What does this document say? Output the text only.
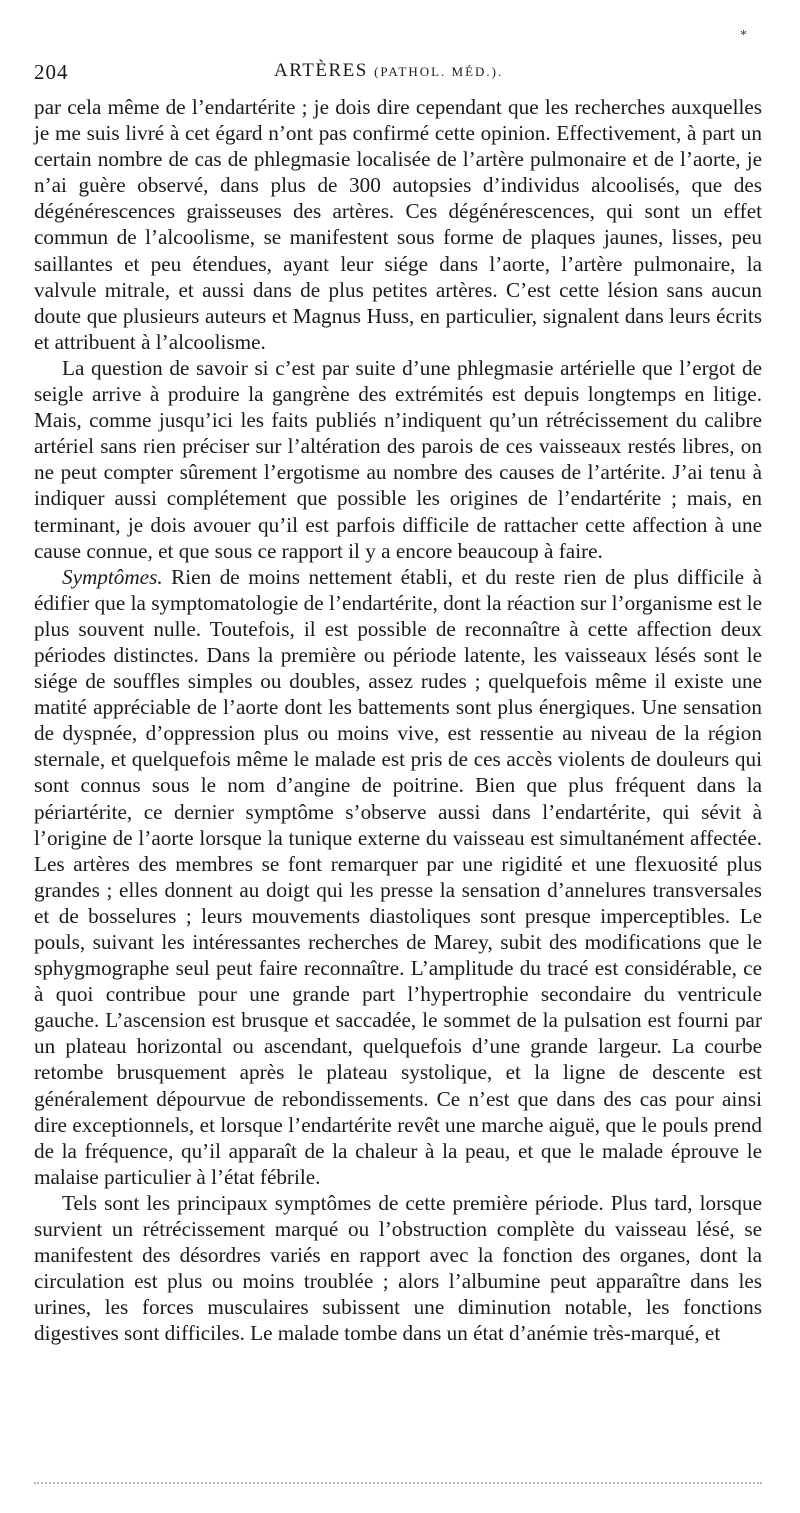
*
204	ARTÈRES (PATHOL. MÉD.).

par cela même de l’endartérite ; je dois dire cependant que les recherches auxquelles je me suis livré à cet égard n’ont pas confirmé cette opinion. Effectivement, à part un certain nombre de cas de phlegmasie localisée de l’artère pulmonaire et de l’aorte, je n’ai guère observé, dans plus de 300 autopsies d’individus alcoolisés, que des dégénérescences graisseuses des artères. Ces dégénérescences, qui sont un effet commun de l’alcoolisme, se manifestent sous forme de plaques jaunes, lisses, peu saillantes et peu étendues, ayant leur siége dans l’aorte, l’artère pulmonaire, la valvule mitrale, et aussi dans de plus petites artères. C’est cette lésion sans aucun doute que plusieurs auteurs et Magnus Huss, en particulier, signalent dans leurs écrits et attribuent à l’alcoolisme.

La question de savoir si c’est par suite d’une phlegmasie artérielle que l’ergot de seigle arrive à produire la gangrène des extrémités est depuis longtemps en litige. Mais, comme jusqu’ici les faits publiés n’indiquent qu’un rétrécissement du calibre artériel sans rien préciser sur l’altération des parois de ces vaisseaux restés libres, on ne peut compter sûrement l’ergotisme au nombre des causes de l’artérite. J’ai tenu à indiquer aussi complétement que possible les origines de l’endartérite ; mais, en terminant, je dois avouer qu’il est parfois difficile de rattacher cette affection à une cause connue, et que sous ce rapport il y a encore beaucoup à faire.

Symptômes. Rien de moins nettement établi, et du reste rien de plus difficile à édifier que la symptomatologie de l’endartérite, dont la réaction sur l’organisme est le plus souvent nulle. Toutefois, il est possible de reconnaître à cette affection deux périodes distinctes. Dans la première ou période latente, les vaisseaux lésés sont le siége de souffles simples ou doubles, assez rudes ; quelquefois même il existe une matité appréciable de l’aorte dont les battements sont plus énergiques. Une sensation de dyspnée, d’oppression plus ou moins vive, est ressentie au niveau de la région sternale, et quelquefois même le malade est pris de ces accès violents de douleurs qui sont connus sous le nom d’angine de poitrine. Bien que plus fréquent dans la périartérite, ce dernier symptôme s’observe aussi dans l’endartérite, qui sévit à l’origine de l’aorte lorsque la tunique externe du vaisseau est simultanément affectée. Les artères des membres se font remarquer par une rigidité et une flexuosité plus grandes ; elles donnent au doigt qui les presse la sensation d’annelures transversales et de bosselures ; leurs mouvements diastoliques sont presque imperceptibles. Le pouls, suivant les intéressantes recherches de Marey, subit des modifications que le sphygmographe seul peut faire reconnaître. L’amplitude du tracé est considérable, ce à quoi contribue pour une grande part l’hypertrophie secondaire du ventricule gauche. L’ascension est brusque et saccadée, le sommet de la pulsation est fourni par un plateau horizontal ou ascendant, quelquefois d’une grande largeur. La courbe retombe brusquement après le plateau systolique, et la ligne de descente est généralement dépourvue de rebondissements. Ce n’est que dans des cas pour ainsi dire exceptionnels, et lorsque l’endartérite revêt une marche aiguë, que le pouls prend de la fréquence, qu’il apparaît de la chaleur à la peau, et que le malade éprouve le malaise particulier à l’état fébrile.

Tels sont les principaux symptômes de cette première période. Plus tard, lorsque survient un rétrécissement marqué ou l’obstruction complète du vaisseau lésé, se manifestent des désordres variés en rapport avec la fonction des organes, dont la circulation est plus ou moins troublée ; alors l’albumine peut apparaître dans les urines, les forces musculaires subissent une diminution notable, les fonctions digestives sont difficiles. Le malade tombe dans un état d’anémie très-marqué, et
